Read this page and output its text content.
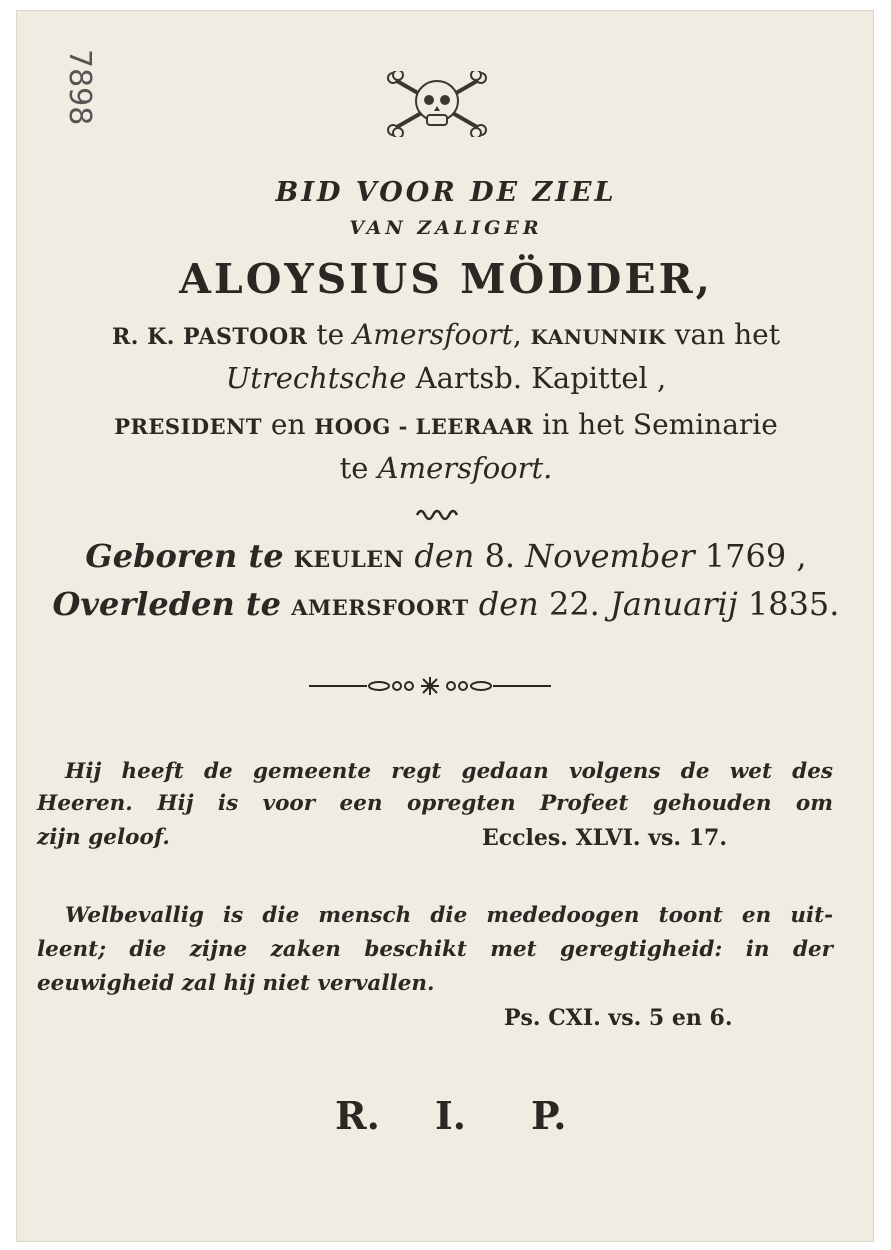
7898
BID VOOR DE ZIEL
VAN ZALIGER
ALOYSIUS MÖDDER,
R. K. PASTOOR te Amersfoort, KANUNNIK van het
Utrechtsche Aartsb. Kapittel ,
PRESIDENT en HOOG - LEERAAR in het Seminarie
te Amersfoort.
Geboren te KEULEN den 8. November 1769 ,
Overleden te AMERSFOORT den 22. Januarij 1835.
Hij heeft de gemeente regt gedaan volgens de wet des
Heeren. Hij is voor een opregten Profeet gehouden om
zijn geloof.	Eccles. XLVI. vs. 17.
Welbevallig is die mensch die mededoogen toont en uit-
leent; die zijne zaken beschikt met geregtigheid: in der
eeuwigheid zal hij niet vervallen.
Ps. CXI. vs. 5 en 6.
R. I. P.
